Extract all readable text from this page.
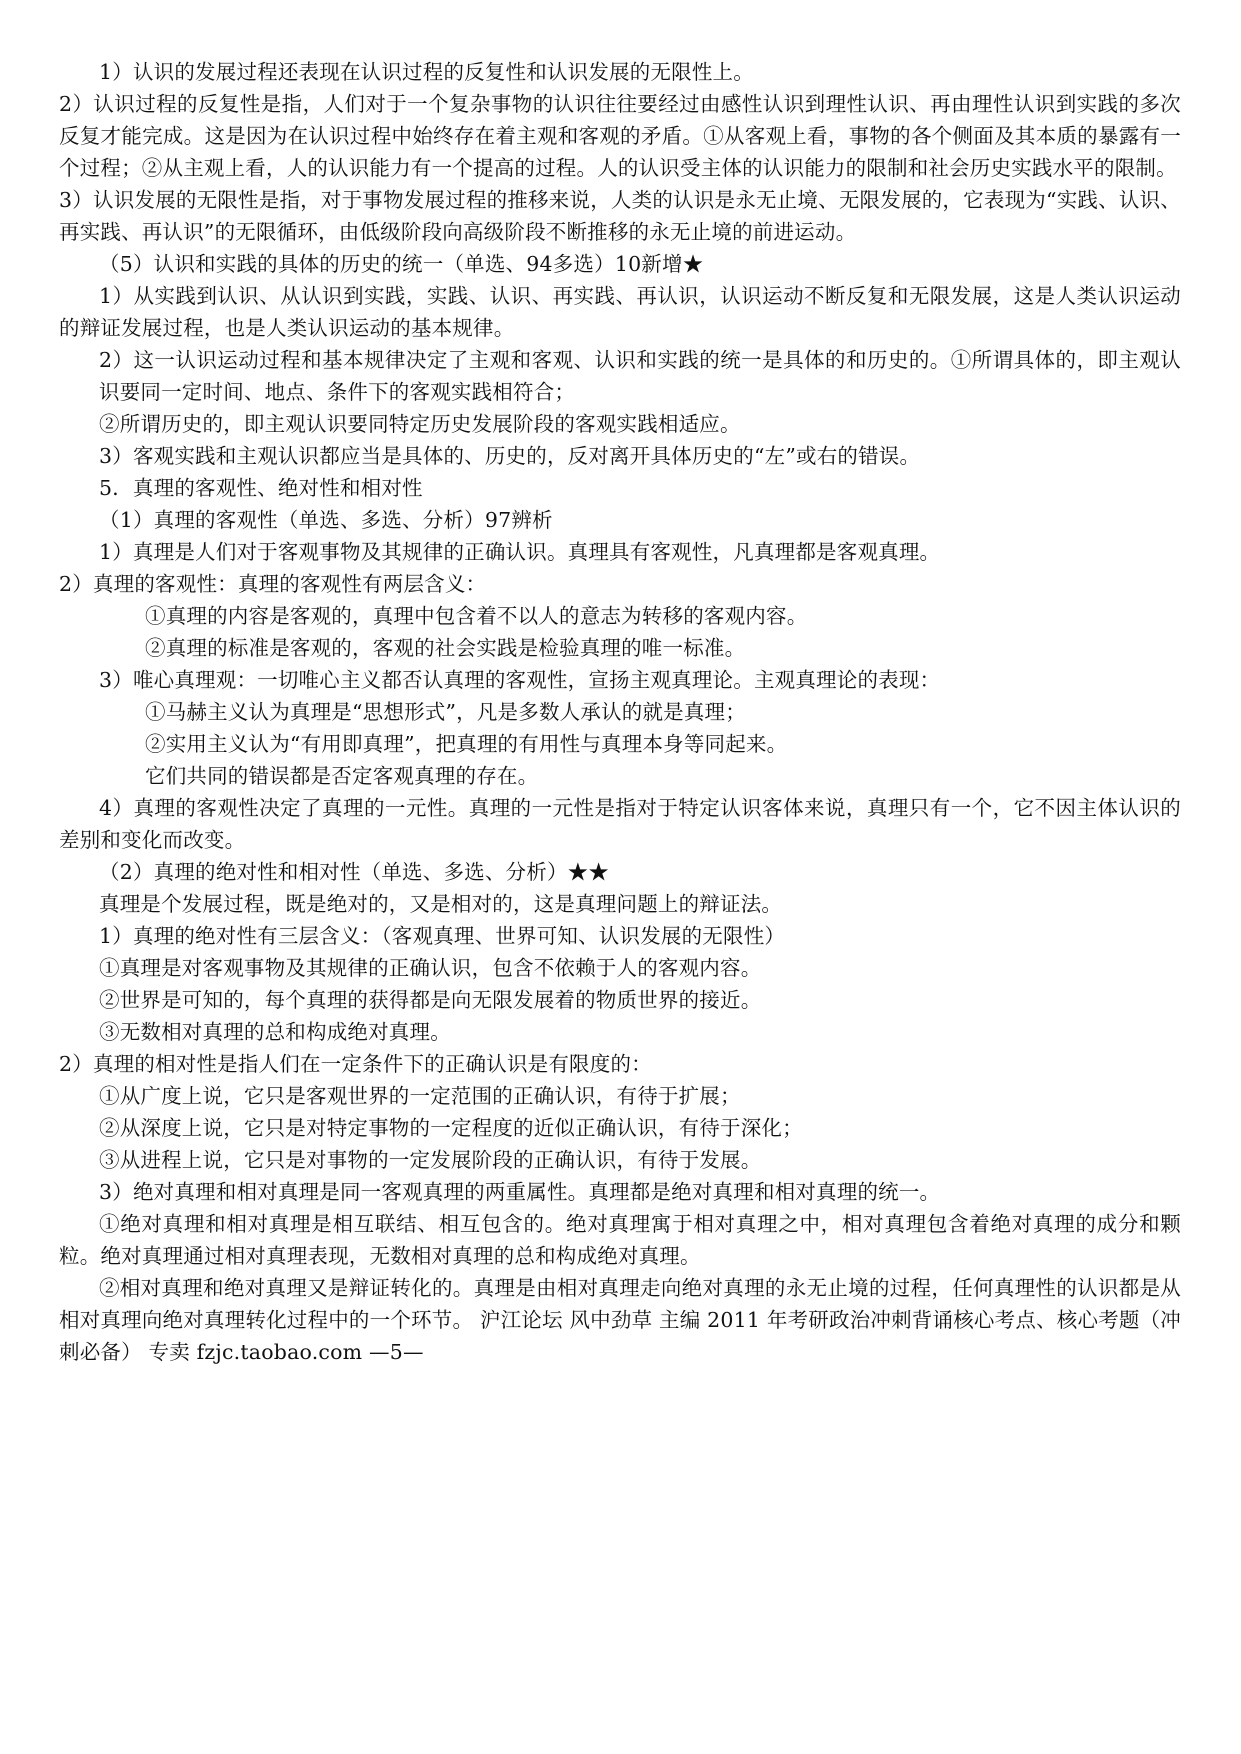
1）认识的发展过程还表现在认识过程的反复性和认识发展的无限性上。

2）认识过程的反复性是指，人们对于一个复杂事物的认识往往要经过由感性认识到理性认识、再由理性认识到实践的多次反复才能完成。这是因为在认识过程中始终存在着主观和客观的矛盾。①从客观上看，事物的各个侧面及其本质的暴露有一个过程；②从主观上看，人的认识能力有一个提高的过程。人的认识受主体的认识能力的限制和社会历史实践水平的限制。

3）认识发展的无限性是指，对于事物发展过程的推移来说，人类的认识是永无止境、无限发展的，它表现为“实践、认识、再实践、再认识”的无限循环，由低级阶段向高级阶段不断推移的永无止境的前进运动。

（5）认识和实践的具体的历史的统一（单选、94多选）10新增★

1）从实践到认识、从认识到实践，实践、认识、再实践、再认识，认识运动不断反复和无限发展，这是人类认识运动的辩证发展过程，也是人类认识运动的基本规律。

2）这一认识运动过程和基本规律决定了主观和客观、认识和实践的统一是具体的和历史的。①所谓具体的，即主观认识要同一定时间、地点、条件下的客观实践相符合；

②所谓历史的，即主观认识要同特定历史发展阶段的客观实践相适应。

3）客观实践和主观认识都应当是具体的、历史的，反对离开具体历史的“左”或右的错误。

5．真理的客观性、绝对性和相对性

（1）真理的客观性（单选、多选、分析）97辨析

1）真理是人们对于客观事物及其规律的正确认识。真理具有客观性，凡真理都是客观真理。

2）真理的客观性：真理的客观性有两层含义：

①真理的内容是客观的，真理中包含着不以人的意志为转移的客观内容。

②真理的标准是客观的，客观的社会实践是检验真理的唯一标准。

3）唯心真理观：一切唯心主义都否认真理的客观性，宣扬主观真理论。主观真理论的表现：

①马赫主义认为真理是“思想形式”，凡是多数人承认的就是真理；

②实用主义认为“有用即真理”，把真理的有用性与真理本身等同起来。

它们共同的错误都是否定客观真理的存在。

4）真理的客观性决定了真理的一元性。真理的一元性是指对于特定认识客体来说，真理只有一个，它不因主体认识的差别和变化而改变。

（2）真理的绝对性和相对性（单选、多选、分析）★★

真理是个发展过程，既是绝对的，又是相对的，这是真理问题上的辩证法。

1）真理的绝对性有三层含义：（客观真理、世界可知、认识发展的无限性）

①真理是对客观事物及其规律的正确认识，包含不依赖于人的客观内容。

②世界是可知的，每个真理的获得都是向无限发展着的物质世界的接近。

③无数相对真理的总和构成绝对真理。

2）真理的相对性是指人们在一定条件下的正确认识是有限度的：

①从广度上说，它只是客观世界的一定范围的正确认识，有待于扩展；

②从深度上说，它只是对特定事物的一定程度的近似正确认识，有待于深化；

③从进程上说，它只是对事物的一定发展阶段的正确认识，有待于发展。

3）绝对真理和相对真理是同一客观真理的两重属性。真理都是绝对真理和相对真理的统一。

①绝对真理和相对真理是相互联结、相互包含的。绝对真理寓于相对真理之中，相对真理包含着绝对真理的成分和颗粒。绝对真理通过相对真理表现，无数相对真理的总和构成绝对真理。

②相对真理和绝对真理又是辩证转化的。真理是由相对真理走向绝对真理的永无止境的过程，任何真理性的认识都是从相对真理向绝对真理转化过程中的一个环节。 沪江论坛 风中劲草 主编 2011 年考研政治冲刺背诵核心考点、核心考题（冲刺必备） 专卖 fzjc.taobao.com —5—
